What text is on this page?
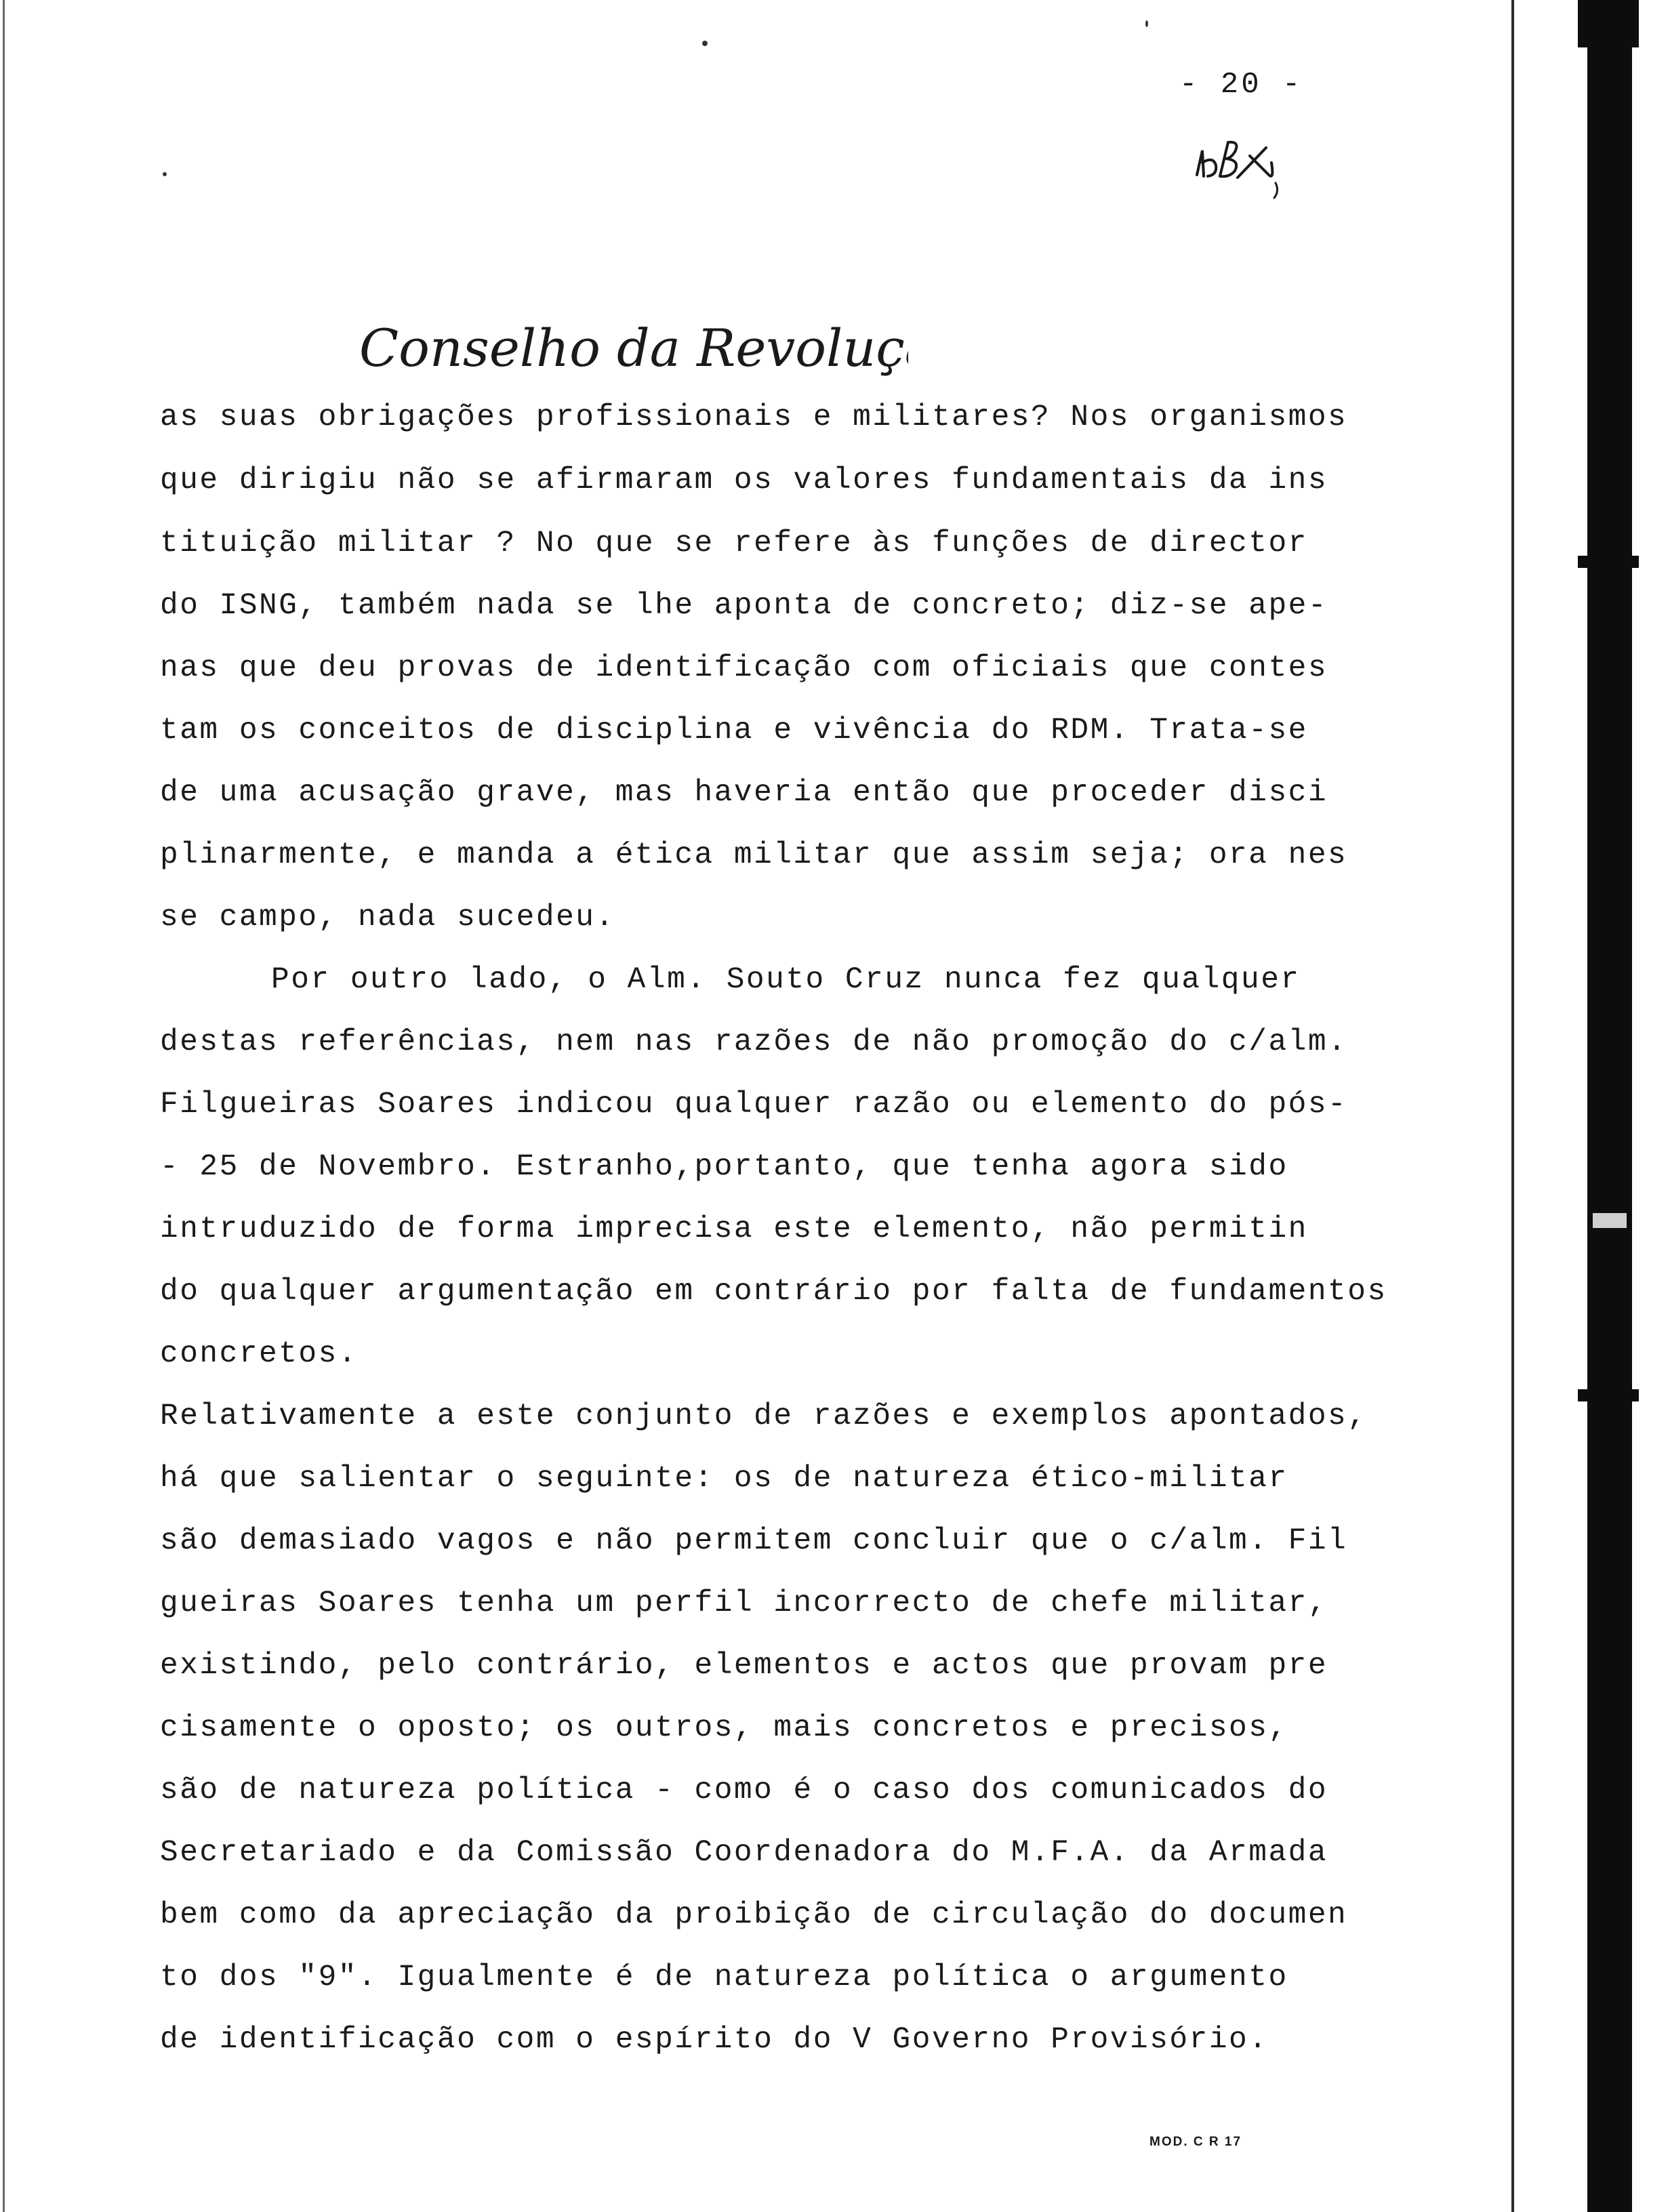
- 20 -
Conselho da Revolução
as suas obrigações profissionais e militares? Nos organismos
que dirigiu não se afirmaram os valores fundamentais da ins
tituição militar ? No que se refere às funções de director
do ISNG, também nada se lhe aponta de concreto; diz-se ape-
nas que deu provas de identificação com oficiais que contes
tam os conceitos de disciplina e vivência do RDM. Trata-se
de uma acusação grave, mas haveria então que proceder disci
plinarmente, e manda a ética militar que assim seja; ora nes
se campo, nada sucedeu.
Por outro lado, o Alm. Souto Cruz nunca fez qualquer
destas referências, nem nas razões de não promoção do c/alm.
Filgueiras Soares indicou qualquer razão ou elemento do pós-
- 25 de Novembro. Estranho,portanto, que tenha agora sido
intruduzido de forma imprecisa este elemento, não permitin
do qualquer argumentação em contrário por falta de fundamentos
concretos.
Relativamente a este conjunto de razões e exemplos apontados,
há que salientar o seguinte: os de natureza ético-militar
são demasiado vagos e não permitem concluir que o c/alm. Fil
gueiras Soares tenha um perfil incorrecto de chefe militar,
existindo, pelo contrário, elementos e actos que provam pre
cisamente o oposto; os outros, mais concretos e precisos,
são de natureza política - como é o caso dos comunicados do
Secretariado e da Comissão Coordenadora do M.F.A. da Armada
bem como da apreciação da proibição de circulação do documen
to dos "9". Igualmente é de natureza política o argumento
de identificação com o espírito do V Governo Provisório.
MOD. C R 17
